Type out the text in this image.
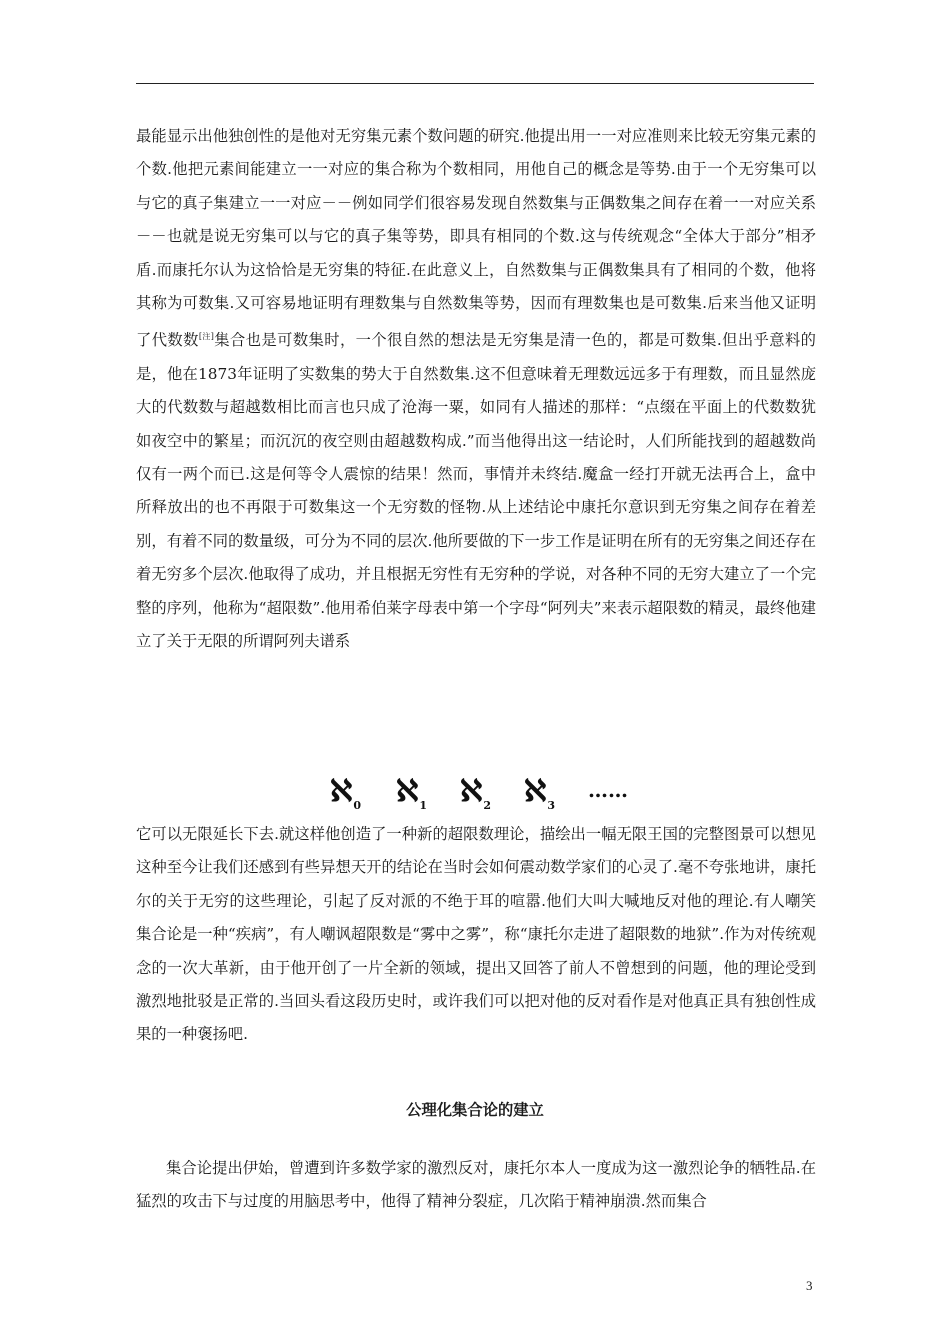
最能显示出他独创性的是他对无穷集元素个数问题的研究.他提出用一一对应准则来比较无穷集元素的个数.他把元素间能建立一一对应的集合称为个数相同，用他自己的概念是等势.由于一个无穷集可以与它的真子集建立一一对应－－例如同学们很容易发现自然数集与正偶数集之间存在着一一对应关系－－也就是说无穷集可以与它的真子集等势，即具有相同的个数.这与传统观念“全体大于部分”相矛盾.而康托尔认为这恰恰是无穷集的特征.在此意义上，自然数集与正偶数集具有了相同的个数，他将其称为可数集.又可容易地证明有理数集与自然数集等势，因而有理数集也是可数集.后来当他又证明了代数数[注]集合也是可数集时，一个很自然的想法是无穷集是清一色的，都是可数集.但出乎意料的是，他在1873年证明了实数集的势大于自然数集.这不但意味着无理数远远多于有理数，而且显然庞大的代数数与超越数相比而言也只成了沧海一粟，如同有人描述的那样：“点缀在平面上的代数数犹如夜空中的繁星；而沉沉的夜空则由超越数构成.”而当他得出这一结论时，人们所能找到的超越数尚仅有一两个而已.这是何等令人震惊的结果！然而，事情并未终结.魔盒一经打开就无法再合上，盒中所释放出的也不再限于可数集这一个无穷数的怪物.从上述结论中康托尔意识到无穷集之间存在着差别，有着不同的数量级，可分为不同的层次.他所要做的下一步工作是证明在所有的无穷集之间还存在着无穷多个层次.他取得了成功，并且根据无穷性有无穷种的学说，对各种不同的无穷大建立了一个完整的序列，他称为“超限数”.他用希伯莱字母表中第一个字母“阿列夫”来表示超限数的精灵，最终他建立了关于无限的所谓阿列夫谱系

ℵ$_0$ ℵ$_1$ ℵ$_2$ ℵ$_3$
……

它可以无限延长下去.就这样他创造了一种新的超限数理论，描绘出一幅无限王国的完整图景可以想见这种至今让我们还感到有些异想天开的结论在当时会如何震动数学家们的心灵了.毫不夸张地讲，康托尔的关于无穷的这些理论，引起了反对派的不绝于耳的喧嚣.他们大叫大喊地反对他的理论.有人嘲笑集合论是一种“疾病”，有人嘲讽超限数是“雾中之雾”，称“康托尔走进了超限数的地狱”.作为对传统观念的一次大革新，由于他开创了一片全新的领域，提出又回答了前人不曾想到的问题，他的理论受到激烈地批驳是正常的.当回头看这段历史时，或许我们可以把对他的反对看作是对他真正具有独创性成果的一种褒扬吧.

公理化集合论的建立

集合论提出伊始，曾遭到许多数学家的激烈反对，康托尔本人一度成为这一激烈论争的牺牲品.在猛烈的攻击下与过度的用脑思考中，他得了精神分裂症，几次陷于精神崩溃.然而集合

3
